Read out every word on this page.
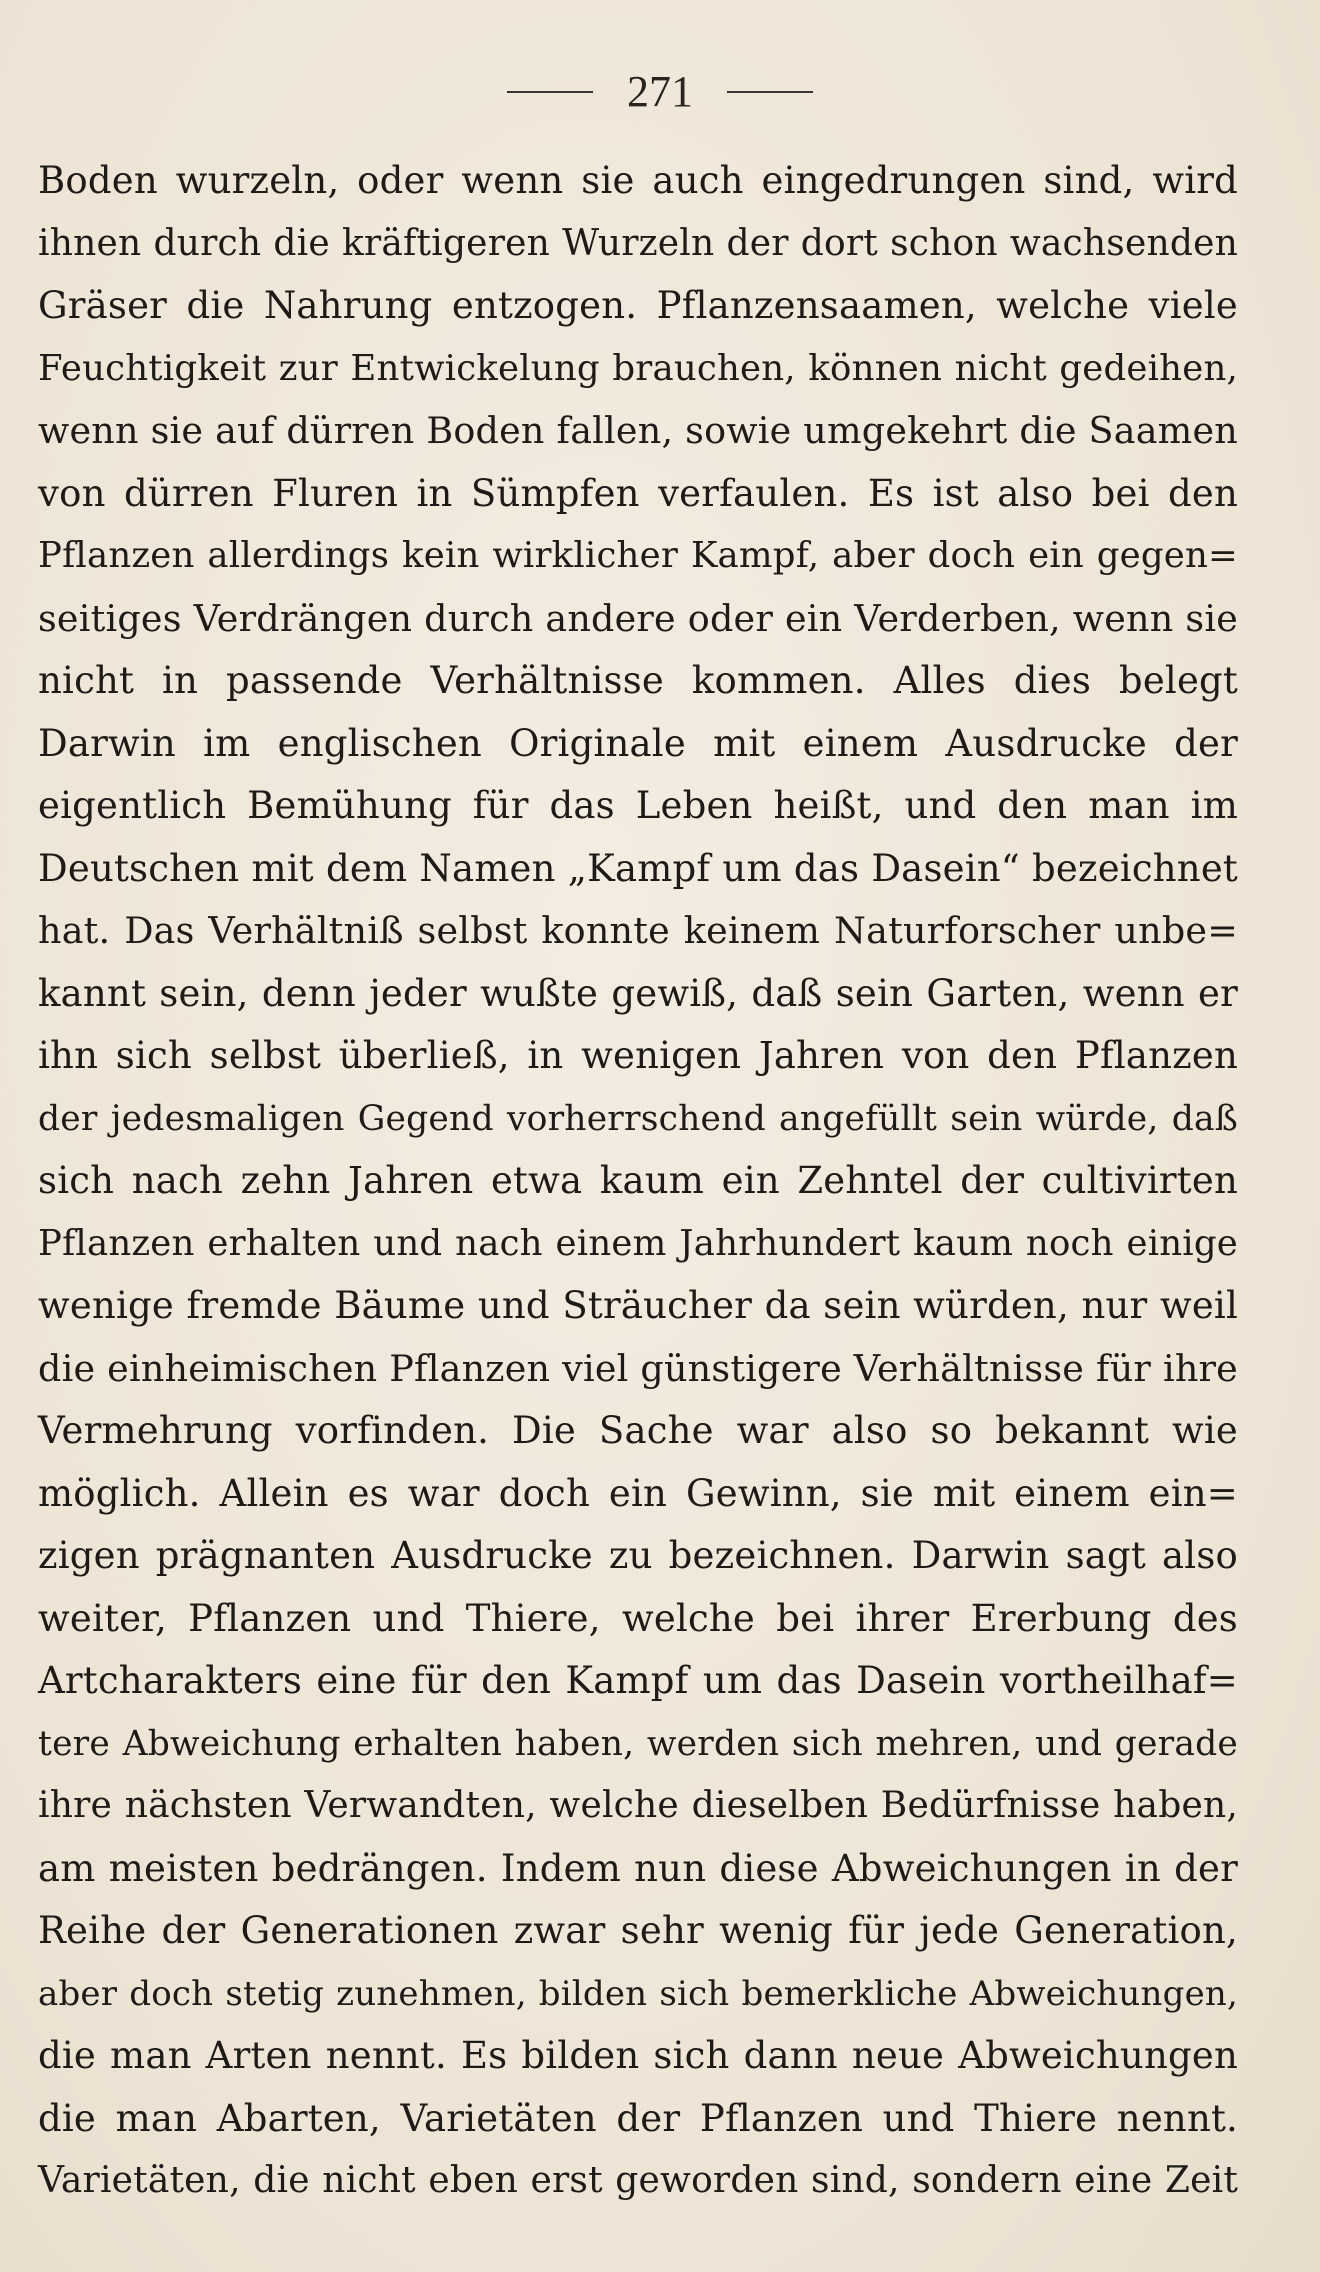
271
Boden wurzeln, oder wenn sie auch eingedrungen sind, wird
ihnen durch die kräftigeren Wurzeln der dort schon wachsenden
Gräser die Nahrung entzogen. Pflanzensaamen, welche viele
Feuchtigkeit zur Entwickelung brauchen, können nicht gedeihen,
wenn sie auf dürren Boden fallen, sowie umgekehrt die Saamen
von dürren Fluren in Sümpfen verfaulen. Es ist also bei den
Pflanzen allerdings kein wirklicher Kampf, aber doch ein gegen=
seitiges Verdrängen durch andere oder ein Verderben, wenn sie
nicht in passende Verhältnisse kommen. Alles dies belegt
Darwin im englischen Originale mit einem Ausdrucke der
eigentlich Bemühung für das Leben heißt, und den man im
Deutschen mit dem Namen „Kampf um das Dasein“ bezeichnet
hat. Das Verhältniß selbst konnte keinem Naturforscher unbe=
kannt sein, denn jeder wußte gewiß, daß sein Garten, wenn er
ihn sich selbst überließ, in wenigen Jahren von den Pflanzen
der jedesmaligen Gegend vorherrschend angefüllt sein würde, daß
sich nach zehn Jahren etwa kaum ein Zehntel der cultivirten
Pflanzen erhalten und nach einem Jahrhundert kaum noch einige
wenige fremde Bäume und Sträucher da sein würden, nur weil
die einheimischen Pflanzen viel günstigere Verhältnisse für ihre
Vermehrung vorfinden. Die Sache war also so bekannt wie
möglich. Allein es war doch ein Gewinn, sie mit einem ein=
zigen prägnanten Ausdrucke zu bezeichnen. Darwin sagt also
weiter, Pflanzen und Thiere, welche bei ihrer Ererbung des
Artcharakters eine für den Kampf um das Dasein vortheilhaf=
tere Abweichung erhalten haben, werden sich mehren, und gerade
ihre nächsten Verwandten, welche dieselben Bedürfnisse haben,
am meisten bedrängen. Indem nun diese Abweichungen in der
Reihe der Generationen zwar sehr wenig für jede Generation,
aber doch stetig zunehmen, bilden sich bemerkliche Abweichungen,
die man Arten nennt. Es bilden sich dann neue Abweichungen
die man Abarten, Varietäten der Pflanzen und Thiere nennt.
Varietäten, die nicht eben erst geworden sind, sondern eine Zeit
